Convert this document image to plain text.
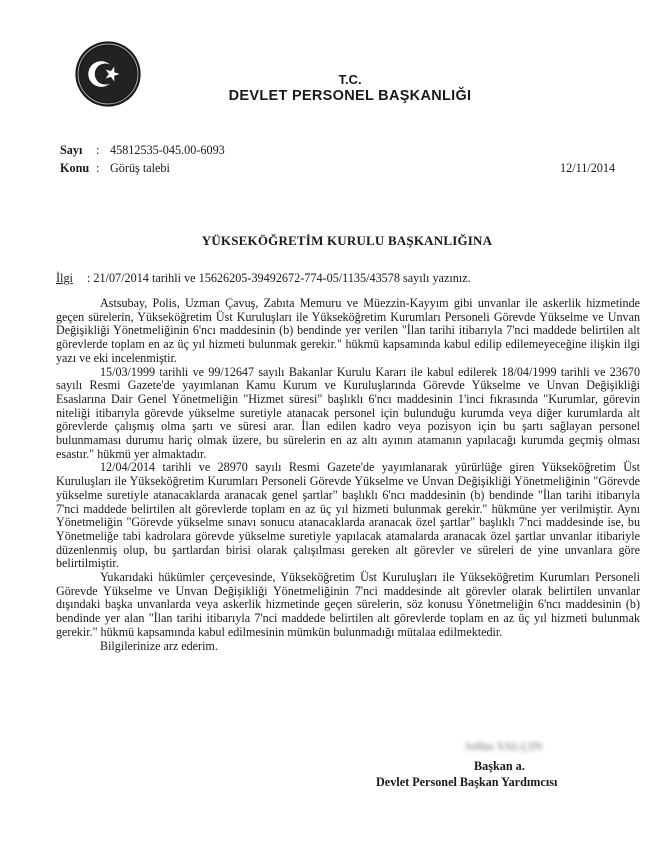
T.C.
DEVLET PERSONEL BAŞKANLIĞI
Sayı : 45812535-045.00-6093
Konu : Görüş talebi	12/11/2014
YÜKSEKÖĞRETİM KURULU BAŞKANLIĞINA
İlgi : 21/07/2014 tarihli ve 15626205-39492672-774-05/1135/43578 sayılı yazınız.

Astsubay, Polis, Uzman Çavuş, Zabıta Memuru ve Müezzin-Kayyım gibi unvanlar ile askerlik hizmetinde geçen sürelerin, Yükseköğretim Üst Kuruluşları ile Yükseköğretim Kurumları Personeli Görevde Yükselme ve Unvan Değişikliği Yönetmeliğinin 6'ncı maddesinin (b) bendinde yer verilen "İlan tarihi itibarıyla 7'nci maddede belirtilen alt görevlerde toplam en az üç yıl hizmeti bulunmak gerekir." hükmü kapsamında kabul edilip edilemeyeceğine ilişkin ilgi yazı ve eki incelenmiştir.

15/03/1999 tarihli ve 99/12647 sayılı Bakanlar Kurulu Kararı ile kabul edilerek 18/04/1999 tarihli ve 23670 sayılı Resmi Gazete'de yayımlanan Kamu Kurum ve Kuruluşlarında Görevde Yükselme ve Unvan Değişikliği Esaslarına Dair Genel Yönetmeliğin "Hizmet süresi" başlıklı 6'ncı maddesinin 1'inci fıkrasında "Kurumlar, görevin niteliği itibarıyla görevde yükselme suretiyle atanacak personel için bulunduğu kurumda veya diğer kurumlarda alt görevlerde çalışmış olma şartı ve süresi arar. İlan edilen kadro veya pozisyon için bu şartı sağlayan personel bulunmaması durumu hariç olmak üzere, bu sürelerin en az altı ayının atamanın yapılacağı kurumda geçmiş olması esastır." hükmü yer almaktadır.

12/04/2014 tarihli ve 28970 sayılı Resmi Gazete'de yayımlanarak yürürlüğe giren Yükseköğretim Üst Kuruluşları ile Yükseköğretim Kurumları Personeli Görevde Yükselme ve Unvan Değişikliği Yönetmeliğinin "Görevde yükselme suretiyle atanacaklarda aranacak genel şartlar" başlıklı 6'ncı maddesinin (b) bendinde "İlan tarihi itibarıyla 7'nci maddede belirtilen alt görevlerde toplam en az üç yıl hizmeti bulunmak gerekir." hükmüne yer verilmiştir. Aynı Yönetmeliğin "Görevde yükselme sınavı sonucu atanacaklarda aranacak özel şartlar" başlıklı 7'nci maddesinde ise, bu Yönetmeliğe tabi kadrolara görevde yükselme suretiyle yapılacak atamalarda aranacak özel şartlar unvanlar itibariyle düzenlenmiş olup, bu şartlardan birisi olarak çalışılması gereken alt görevler ve süreleri de yine unvanlara göre belirtilmiştir.

Yukarıdaki hükümler çerçevesinde, Yükseköğretim Üst Kuruluşları ile Yükseköğretim Kurumları Personeli Görevde Yükselme ve Unvan Değişikliği Yönetmeliğinin 7'nci maddesinde alt görevler olarak belirtilen unvanlar dışındaki başka unvanlarda veya askerlik hizmetinde geçen sürelerin, söz konusu Yönetmeliğin 6'ncı maddesinin (b) bendinde yer alan "İlan tarihi itibarıyla 7'nci maddede belirtilen alt görevlerde toplam en az üç yıl hizmeti bulunmak gerekir." hükmü kapsamında kabul edilmesinin mümkün bulunmadığı mütalaa edilmektedir.

Bilgilerinize arz ederim.

Selim YALÇIN
Başkan a.
Devlet Personel Başkan Yardımcısı
